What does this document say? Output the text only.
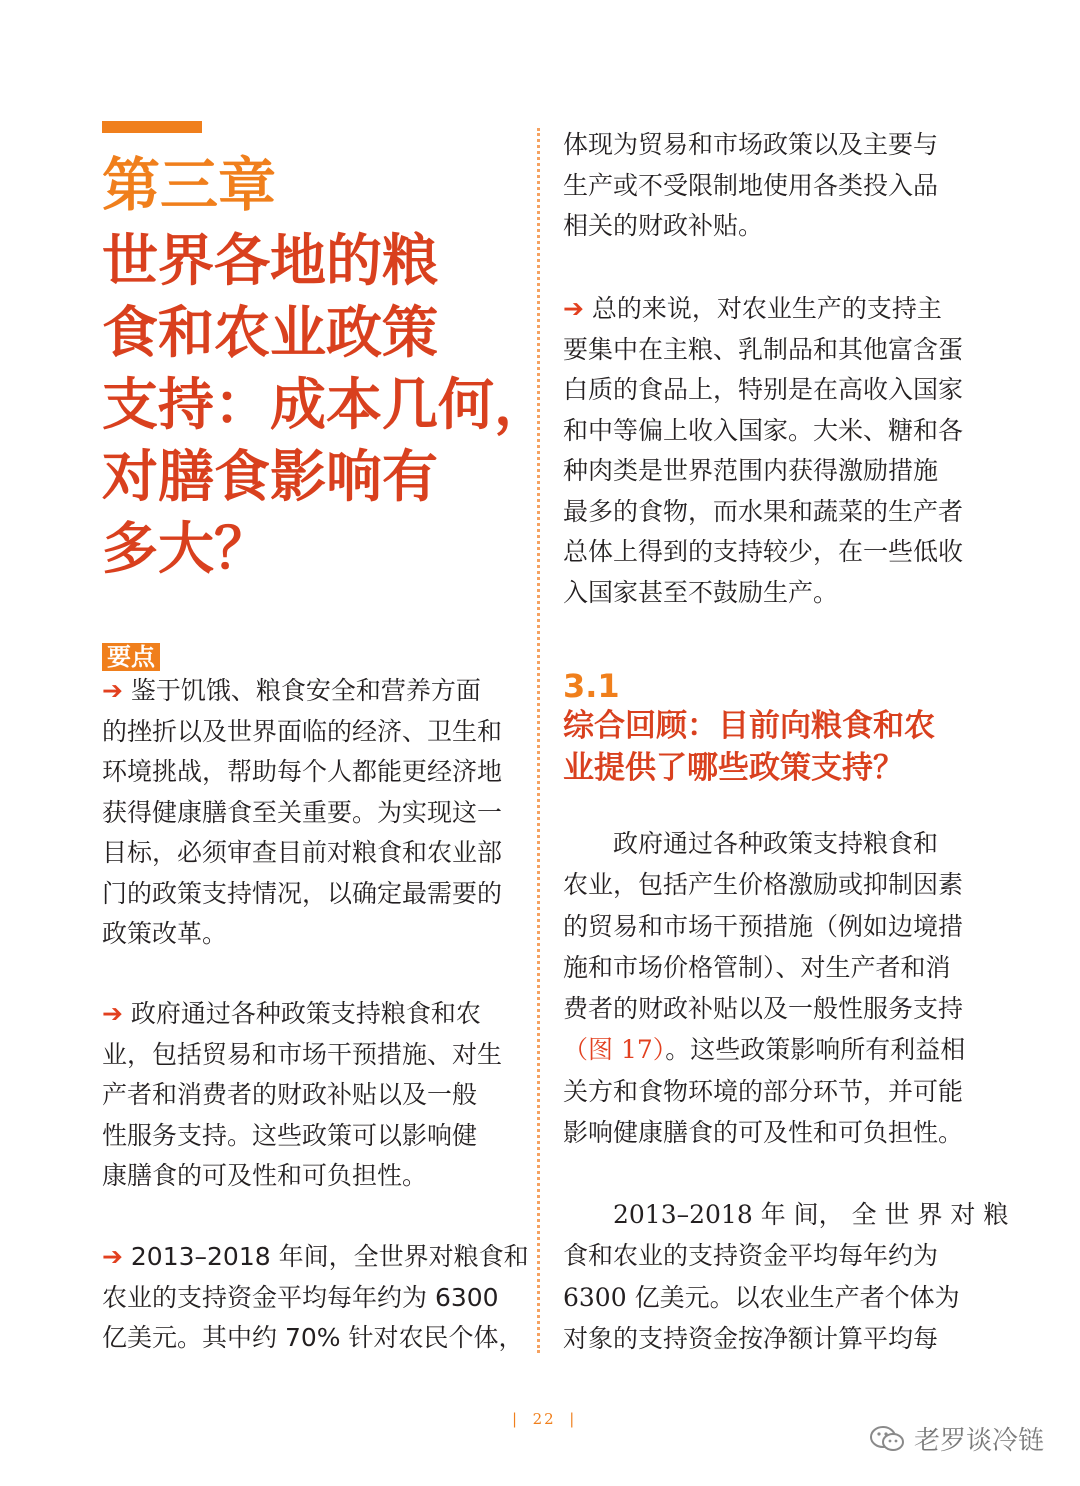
第三章
世界各地的粮
食和农业政策
支持：成本几何，
对膳食影响有
多大？
要点
➔ 鉴于饥饿、粮食安全和营养方面
的挫折以及世界面临的经济、卫生和
环境挑战，帮助每个人都能更经济地
获得健康膳食至关重要。为实现这一
目标，必须审查目前对粮食和农业部
门的政策支持情况，以确定最需要的
政策改革。
➔ 政府通过各种政策支持粮食和农
业，包括贸易和市场干预措施、对生
产者和消费者的财政补贴以及一般
性服务支持。这些政策可以影响健
康膳食的可及性和可负担性。
➔ 2013–2018 年间，全世界对粮食和
农业的支持资金平均每年约为 6300
亿美元。其中约 70% 针对农民个体，
体现为贸易和市场政策以及主要与
生产或不受限制地使用各类投入品
相关的财政补贴。
➔ 总的来说，对农业生产的支持主
要集中在主粮、乳制品和其他富含蛋
白质的食品上，特别是在高收入国家
和中等偏上收入国家。大米、糖和各
种肉类是世界范围内获得激励措施
最多的食物，而水果和蔬菜的生产者
总体上得到的支持较少，在一些低收
入国家甚至不鼓励生产。
3.1
综合回顾：目前向粮食和农
业提供了哪些政策支持？
　　政府通过各种政策支持粮食和
农业，包括产生价格激励或抑制因素
的贸易和市场干预措施（例如边境措
施和市场价格管制）、对生产者和消
费者的财政补贴以及一般性服务支持
（图 17）。这些政策影响所有利益相
关方和食物环境的部分环节，并可能
影响健康膳食的可及性和可负担性。
　　2013–2018 年 间， 全 世 界 对 粮
食和农业的支持资金平均每年约为
6300 亿美元。以农业生产者个体为
对象的支持资金按净额计算平均每
| 22 |
老罗谈冷链
